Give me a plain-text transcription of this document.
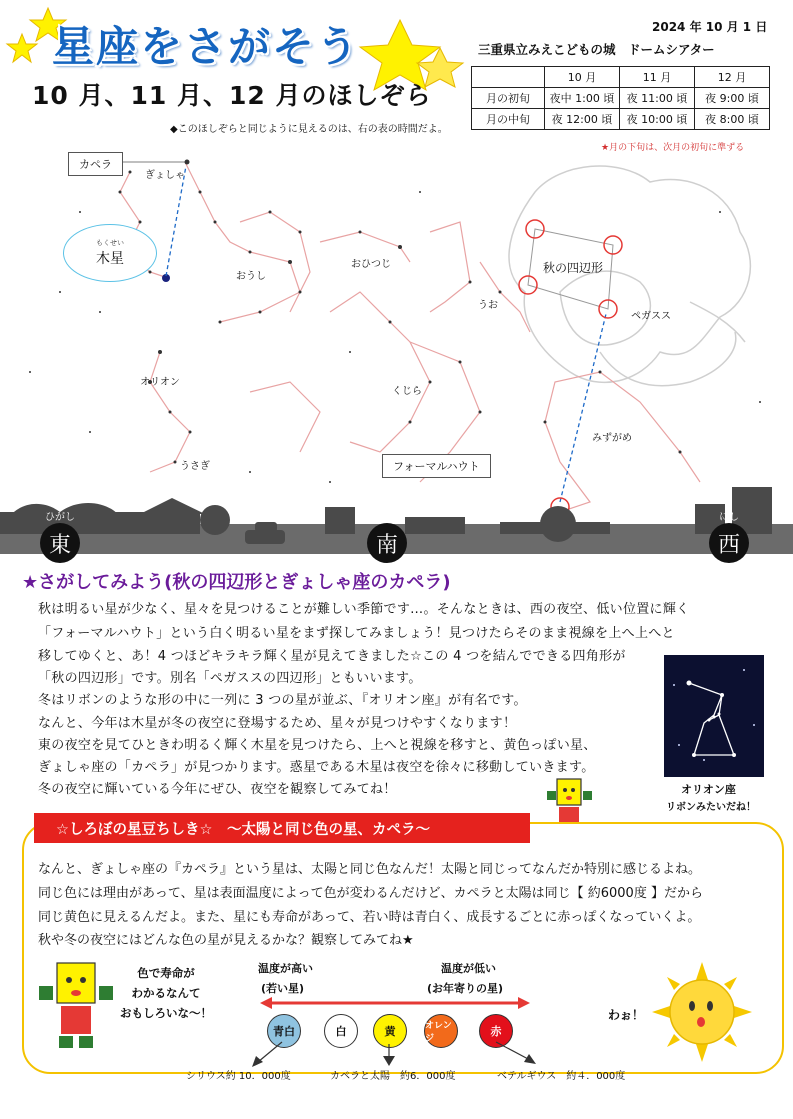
星座をさがそう
10 月、11 月、12 月のほしぞら
◆このほしぞらと同じように見えるのは、右の表の時間だよ。
2024 年 10 月 1 日
三重県立みえこどもの城　ドームシアター
	10 月	11 月	12 月
月の初旬	夜中 1:00 頃	夜 11:00 頃	夜 9:00 頃
月の中旬	夜 12:00 頃	夜 10:00 頃	夜 8:00 頃
★月の下旬は、次月の初旬に準ずる
カペラ
もくせい
木星
フォーマルハウト
ぎょしゃ
おうし
おひつじ
オリオン
うさぎ
くじら
うお
ペガスス
みずがめ
秋の四辺形
ひがし
東
みなみ
南
にし
西
★さがしてみよう(秋の四辺形とぎょしゃ座のカペラ)
秋は明るい星が少なく、星々を見つけることが難しい季節です…。そんなときは、西の夜空、低い位置に輝く
「フォーマルハウト」という白く明るい星をまず探してみましょう！見つけたらそのまま視線を上へ上へと
移してゆくと、あ！4 つほどキラキラ輝く星が見えてきました☆この 4 つを結んでできる四角形が
「秋の四辺形」です。別名「ペガススの四辺形」ともいいます。
冬はリボンのような形の中に一列に 3 つの星が並ぶ、『オリオン座』が有名です。
なんと、今年は木星が冬の夜空に登場するため、星々が見つけやすくなります！
東の夜空を見てひときわ明るく輝く木星を見つけたら、上へと視線を移すと、黄色っぽい星、
ぎょしゃ座の「カペラ」が見つかります。惑星である木星は夜空を徐々に移動していきます。
冬の夜空に輝いている今年にぜひ、夜空を観察してみてね！	オリオン座
リボンみたいだね！
☆しろぼの星豆ちしき☆　～太陽と同じ色の星、カペラ～
なんと、ぎょしゃ座の『カペラ』という星は、太陽と同じ色なんだ！太陽と同じってなんだか特別に感じるよね。
同じ色には理由があって、星は表面温度によって色が変わるんだけど、カペラと太陽は同じ【 約6000度 】だから
同じ黄色に見えるんだよ。また、星にも寿命があって、若い時は青白く、成長するごとに赤っぽくなっていくよ。
秋や冬の夜空にはどんな色の星が見えるかな？観察してみてね★
色で寿命が
わかるなんて
おもしろいな～！
温度が高い
(若い星)
温度が低い
(お年寄りの星)
青白	白	黄	オレンジ
赤
シリウス約 10．000度	カペラと太陽　約6．000度	ベテルギウス　約４．000度
わぉ！
